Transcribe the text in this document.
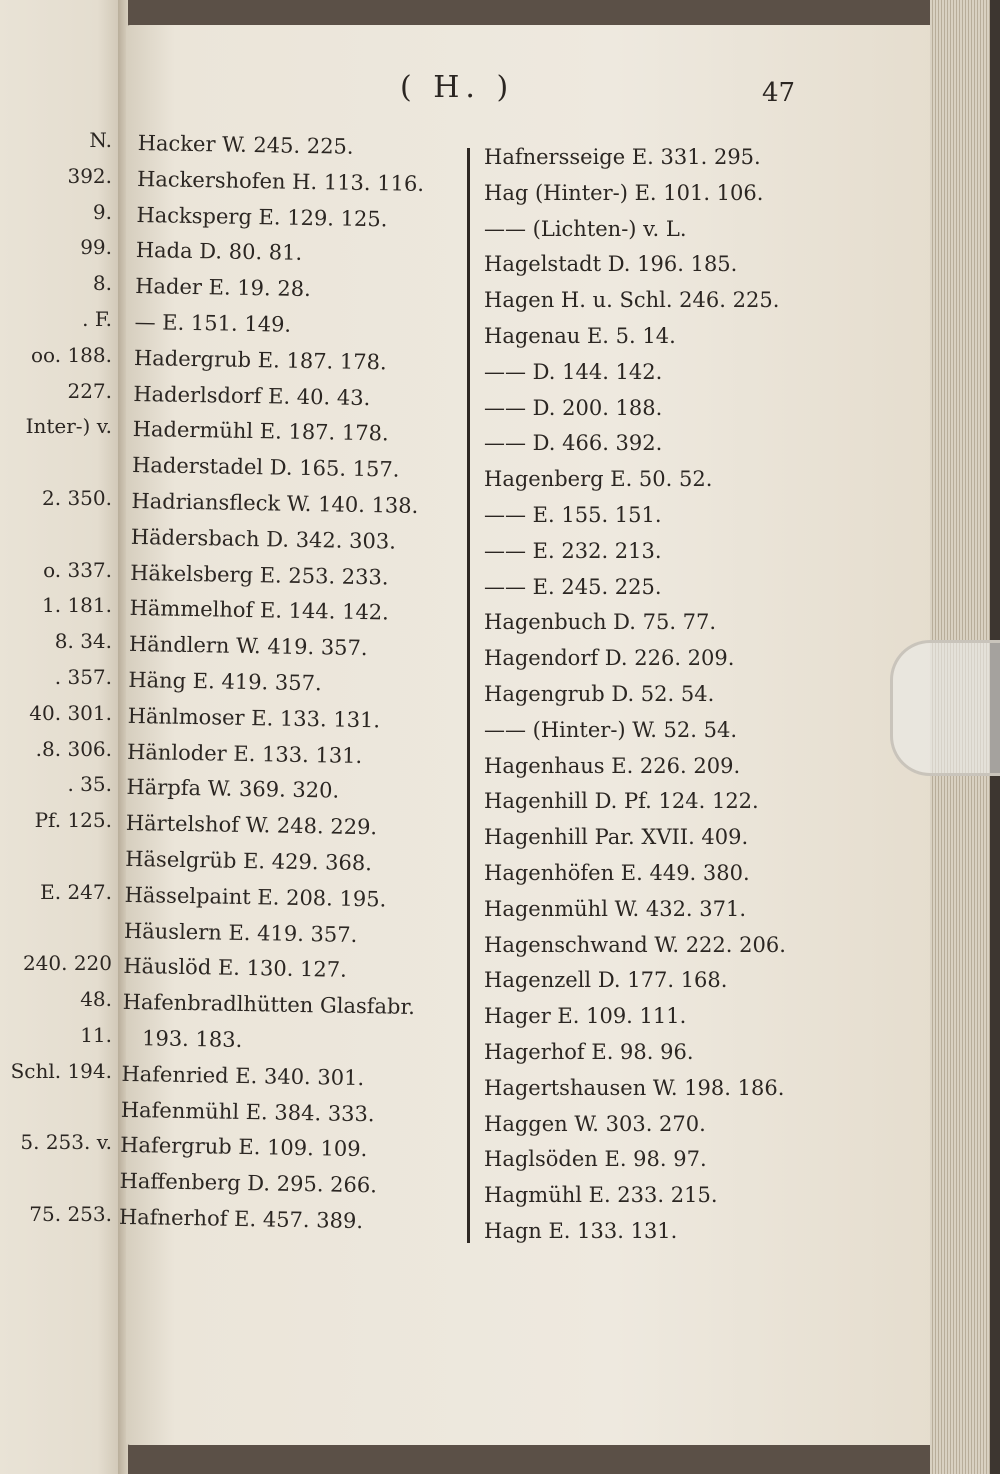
N.
392.
9.
99.
8.
. F.
oo. 188.
227.
Inter-) v.
2. 350.
o. 337.
1. 181.
8. 34.
. 357.
40. 301.
.8. 306.
. 35.
Pf. 125.
E. 247.
240. 220
48.
11.
Schl. 194.
5. 253. v.
75. 253.
( H. )	47
Hacker W. 245. 225.
Hackershofen H. 113. 116.
Hacksperg E. 129. 125.
Hada D. 80. 81.
Hader E. 19. 28.
— E. 151. 149.
Hadergrub E. 187. 178.
Haderlsdorf E. 40. 43.
Hadermühl E. 187. 178.
Haderstadel D. 165. 157.
Hadriansfleck W. 140. 138.
Hädersbach D. 342. 303.
Häkelsberg E. 253. 233.
Hämmelhof E. 144. 142.
Händlern W. 419. 357.
Häng E. 419. 357.
Hänlmoser E. 133. 131.
Hänloder E. 133. 131.
Härpfa W. 369. 320.
Härtelshof W. 248. 229.
Häselgrüb E. 429. 368.
Hässelpaint E. 208. 195.
Häuslern E. 419. 357.
Häuslöd E. 130. 127.
Hafenbradlhütten Glasfabr.
193. 183.
Hafenried E. 340. 301.
Hafenmühl E. 384. 333.
Hafergrub E. 109. 109.
Haffenberg D. 295. 266.
Hafnerhof E. 457. 389.
Hafnersseige E. 331. 295.
Hag (Hinter-) E. 101. 106.
—— (Lichten-) v. L.
Hagelstadt D. 196. 185.
Hagen H. u. Schl. 246. 225.
Hagenau E. 5. 14.
—— D. 144. 142.
—— D. 200. 188.
—— D. 466. 392.
Hagenberg E. 50. 52.
—— E. 155. 151.
—— E. 232. 213.
—— E. 245. 225.
Hagenbuch D. 75. 77.
Hagendorf D. 226. 209.
Hagengrub D. 52. 54.
—— (Hinter-) W. 52. 54.
Hagenhaus E. 226. 209.
Hagenhill D. Pf. 124. 122.
Hagenhill Par. XVII. 409.
Hagenhöfen E. 449. 380.
Hagenmühl W. 432. 371.
Hagenschwand W. 222. 206.
Hagenzell D. 177. 168.
Hager E. 109. 111.
Hagerhof E. 98. 96.
Hagertshausen W. 198. 186.
Haggen W. 303. 270.
Haglsöden E. 98. 97.
Hagmühl E. 233. 215.
Hagn E. 133. 131.
